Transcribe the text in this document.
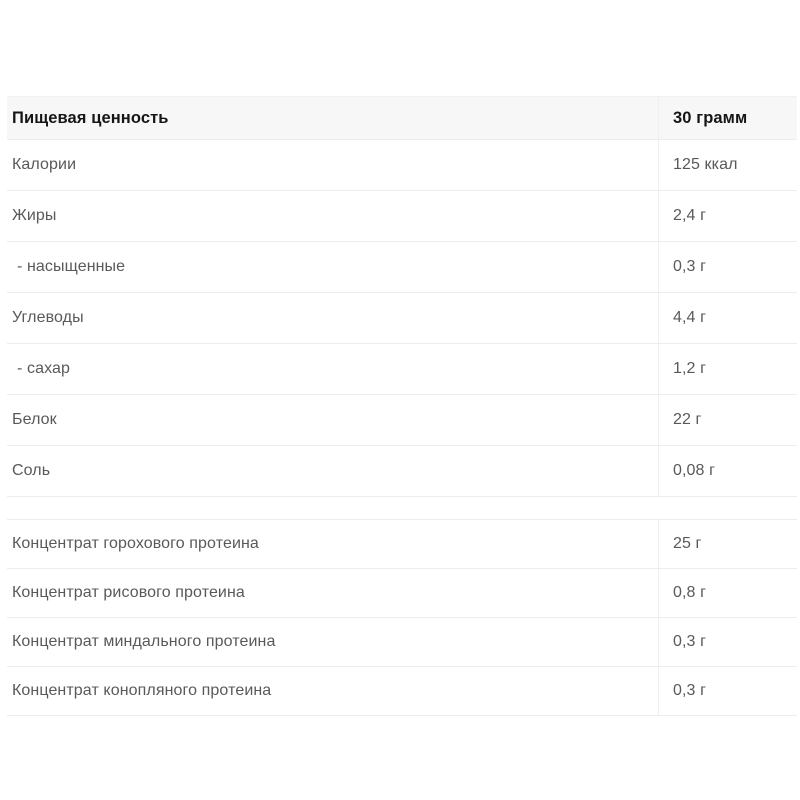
Пищевая ценность	30 грамм
Калории	125 ккал
Жиры	2,4 г
- насыщенные	0,3 г
Углеводы	4,4 г
- сахар	1,2 г
Белок	22 г
Соль	0,08 г
Концентрат горохового протеина	25 г
Концентрат рисового протеина	0,8 г
Концентрат миндального протеина	0,3 г
Концентрат конопляного протеина	0,3 г
